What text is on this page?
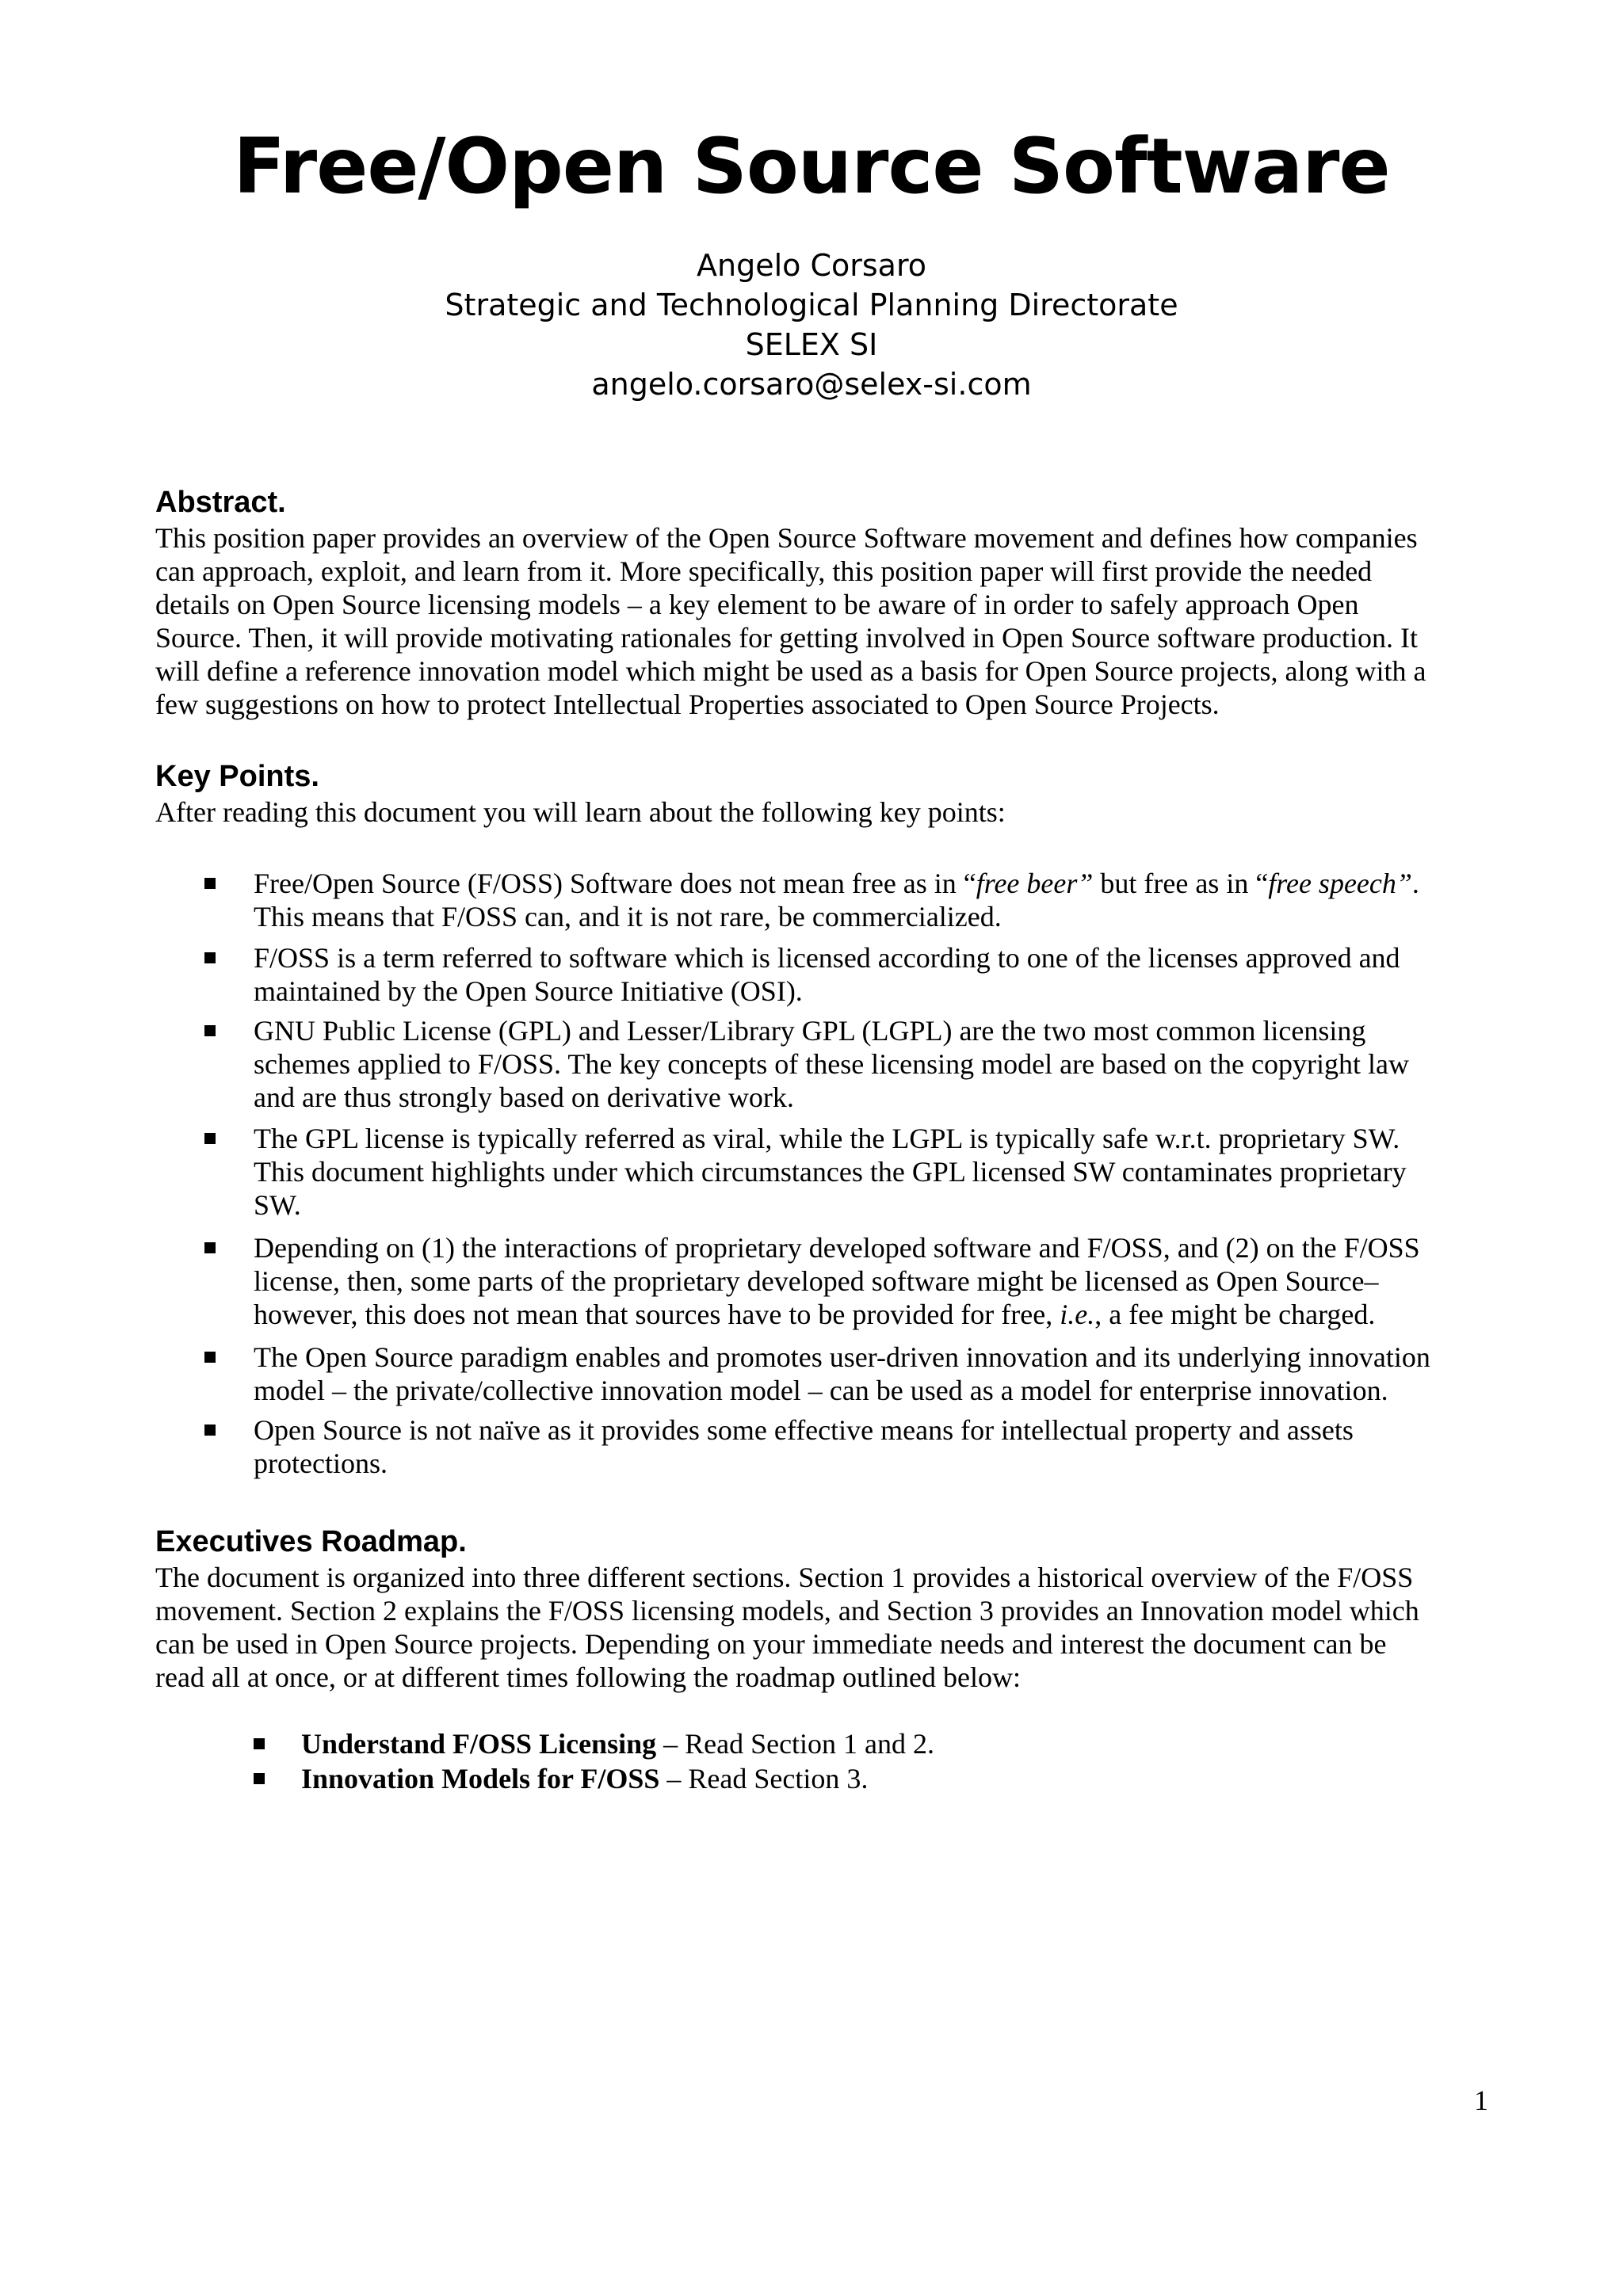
Free/Open Source Software
Angelo Corsaro
Strategic and Technological Planning Directorate
SELEX SI
angelo.corsaro@selex-si.com
Abstract.
This position paper provides an overview of the Open Source Software movement and defines how companies
can approach, exploit, and learn from it. More specifically, this position paper will first provide the needed
details on Open Source licensing models – a key element to be aware of in order to safely approach Open
Source. Then, it will provide motivating rationales for getting involved in Open Source software production. It
will define a reference innovation model which might be used as a basis for Open Source projects, along with a
few suggestions on how to protect Intellectual Properties associated to Open Source Projects.
Key Points.
After reading this document you will learn about the following key points:
Free/Open Source (F/OSS) Software does not mean free as in “free beer” but free as in “free speech”.
This means that F/OSS can, and it is not rare, be commercialized.
F/OSS is a term referred to software which is licensed according to one of the licenses approved and
maintained by the Open Source Initiative (OSI).
GNU Public License (GPL) and Lesser/Library GPL (LGPL) are the two most common licensing
schemes applied to F/OSS. The key concepts of these licensing model are based on the copyright law
and are thus strongly based on derivative work.
The GPL license is typically referred as viral, while the LGPL is typically safe w.r.t. proprietary SW.
This document highlights under which circumstances the GPL licensed SW contaminates proprietary
SW.
Depending on (1) the interactions of proprietary developed software and F/OSS, and (2) on the F/OSS
license, then, some parts of the proprietary developed software might be licensed as Open Source–
however, this does not mean that sources have to be provided for free, i.e., a fee might be charged.
The Open Source paradigm enables and promotes user-driven innovation and its underlying innovation
model – the private/collective innovation model – can be used as a model for enterprise innovation.
Open Source is not naïve as it provides some effective means for intellectual property and assets
protections.
Executives Roadmap.
The document is organized into three different sections. Section 1 provides a historical overview of the F/OSS
movement. Section 2 explains the F/OSS licensing models, and Section 3 provides an Innovation model which
can be used in Open Source projects. Depending on your immediate needs and interest the document can be
read all at once, or at different times following the roadmap outlined below:
Understand F/OSS Licensing – Read Section 1 and 2.
Innovation Models for F/OSS – Read Section 3.
1
